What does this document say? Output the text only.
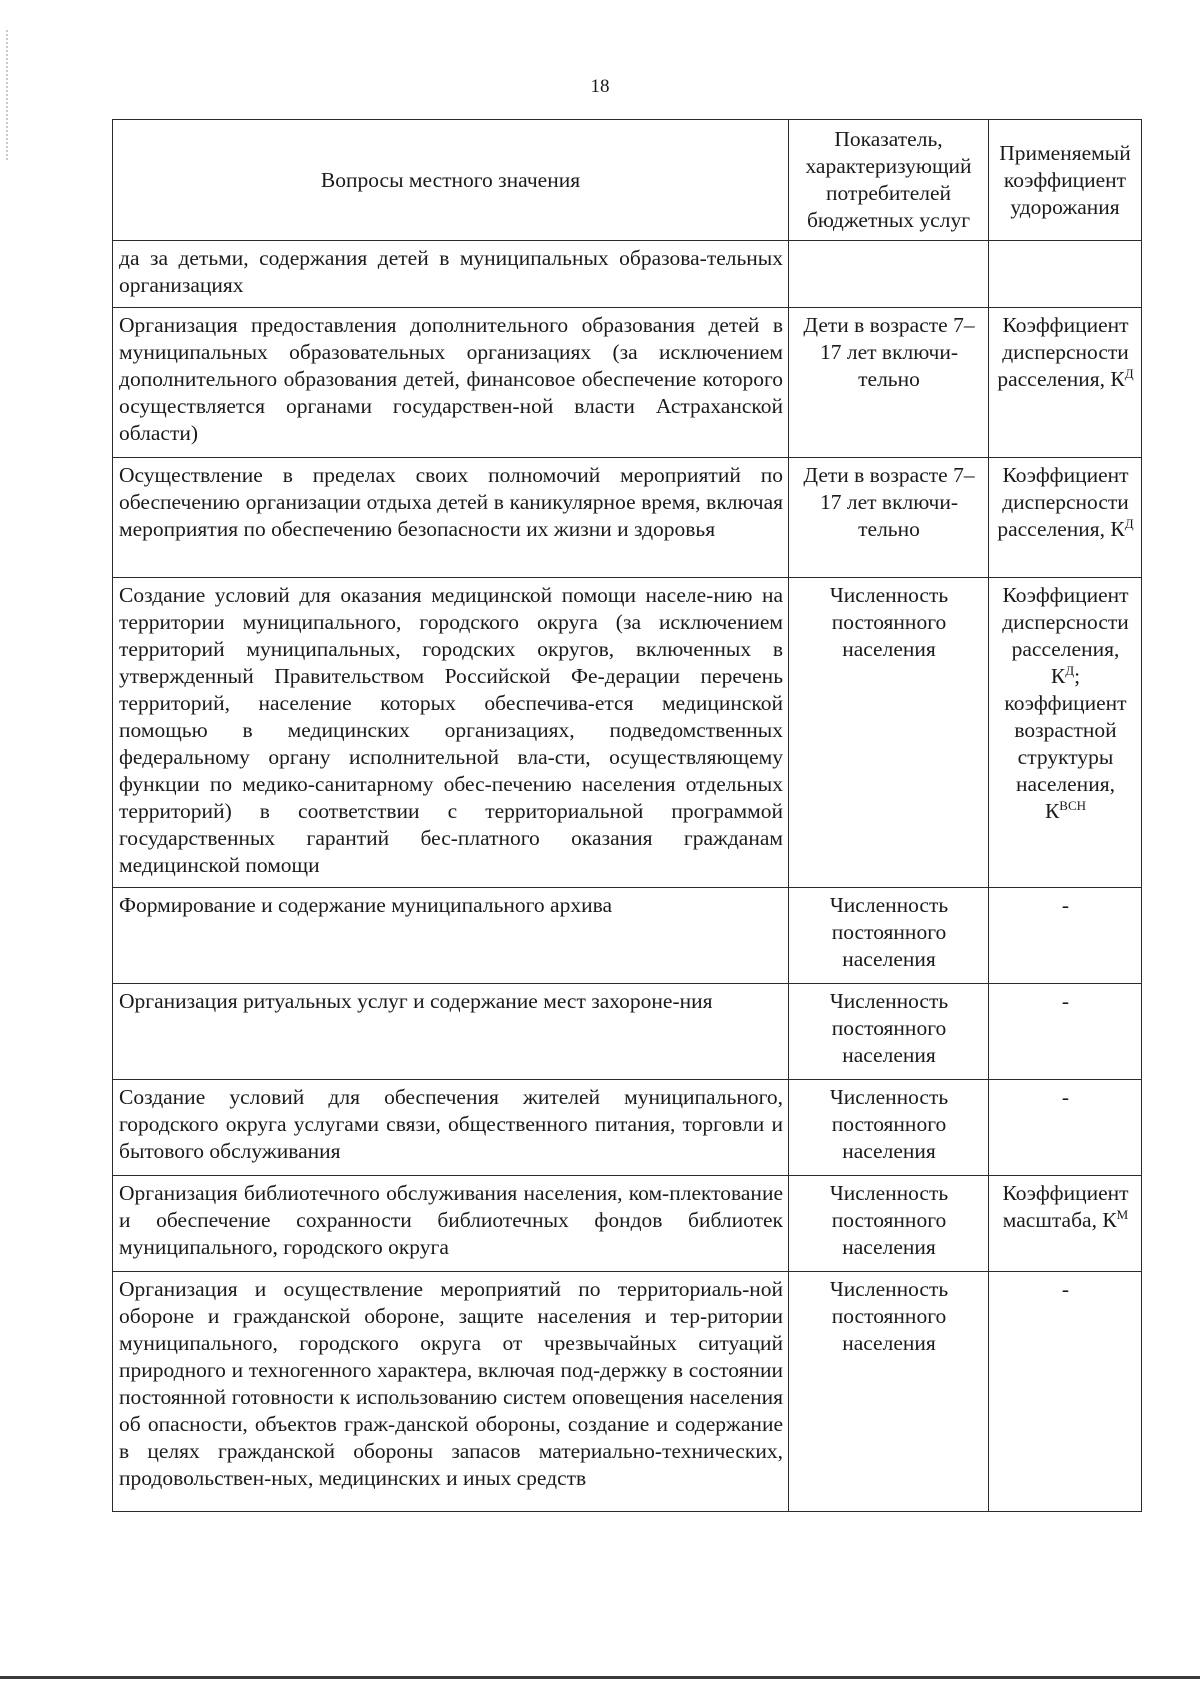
18
Вопросы местного значения	Показатель, характеризующий потребителей бюджетных услуг	Применяемый коэффициент удорожания
да за детьми, содержания детей в муниципальных образова-тельных организациях		
Организация предоставления дополнительного образования детей в муниципальных образовательных организациях (за исключением дополнительного образования детей, финансовое обеспечение которого осуществляется органами государствен-ной власти Астраханской области)	Дети в возрасте 7–17 лет включи-тельно	Коэффициент дисперсности расселения, $К^Д$
Осуществление в пределах своих полномочий мероприятий по обеспечению организации отдыха детей в каникулярное время, включая мероприятия по обеспечению безопасности их жизни и здоровья	Дети в возрасте 7–17 лет включи-тельно	Коэффициент дисперсности расселения, $К^Д$
Создание условий для оказания медицинской помощи населе-нию на территории муниципального, городского округа (за исключением территорий муниципальных, городских округов, включенных в утвержденный Правительством Российской Фе-дерации перечень территорий, население которых обеспечива-ется медицинской помощью в медицинских организациях, подведомственных федеральному органу исполнительной вла-сти, осуществляющему функции по медико-санитарному обес-печению населения отдельных территорий) в соответствии с территориальной программой государственных гарантий бес-платного оказания гражданам медицинской помощи	Численность постоянного населения	Коэффициент дисперсности расселения, $К^Д$; коэффициент возрастной структуры населения, $К^{ВСН}$
Формирование и содержание муниципального архива	Численность постоянного населения	-
Организация ритуальных услуг и содержание мест захороне-ния	Численность постоянного населения	-
Создание условий для обеспечения жителей муниципального, городского округа услугами связи, общественного питания, торговли и бытового обслуживания	Численность постоянного населения	-
Организация библиотечного обслуживания населения, ком-плектование и обеспечение сохранности библиотечных фондов библиотек муниципального, городского округа	Численность постоянного населения	Коэффициент масштаба, $К^М$
Организация и осуществление мероприятий по территориаль-ной обороне и гражданской обороне, защите населения и тер-ритории муниципального, городского округа от чрезвычайных ситуаций природного и техногенного характера, включая под-держку в состоянии постоянной готовности к использованию систем оповещения населения об опасности, объектов граж-данской обороны, создание и содержание в целях гражданской обороны запасов материально-технических, продовольствен-ных, медицинских и иных средств	Численность постоянного населения	-
